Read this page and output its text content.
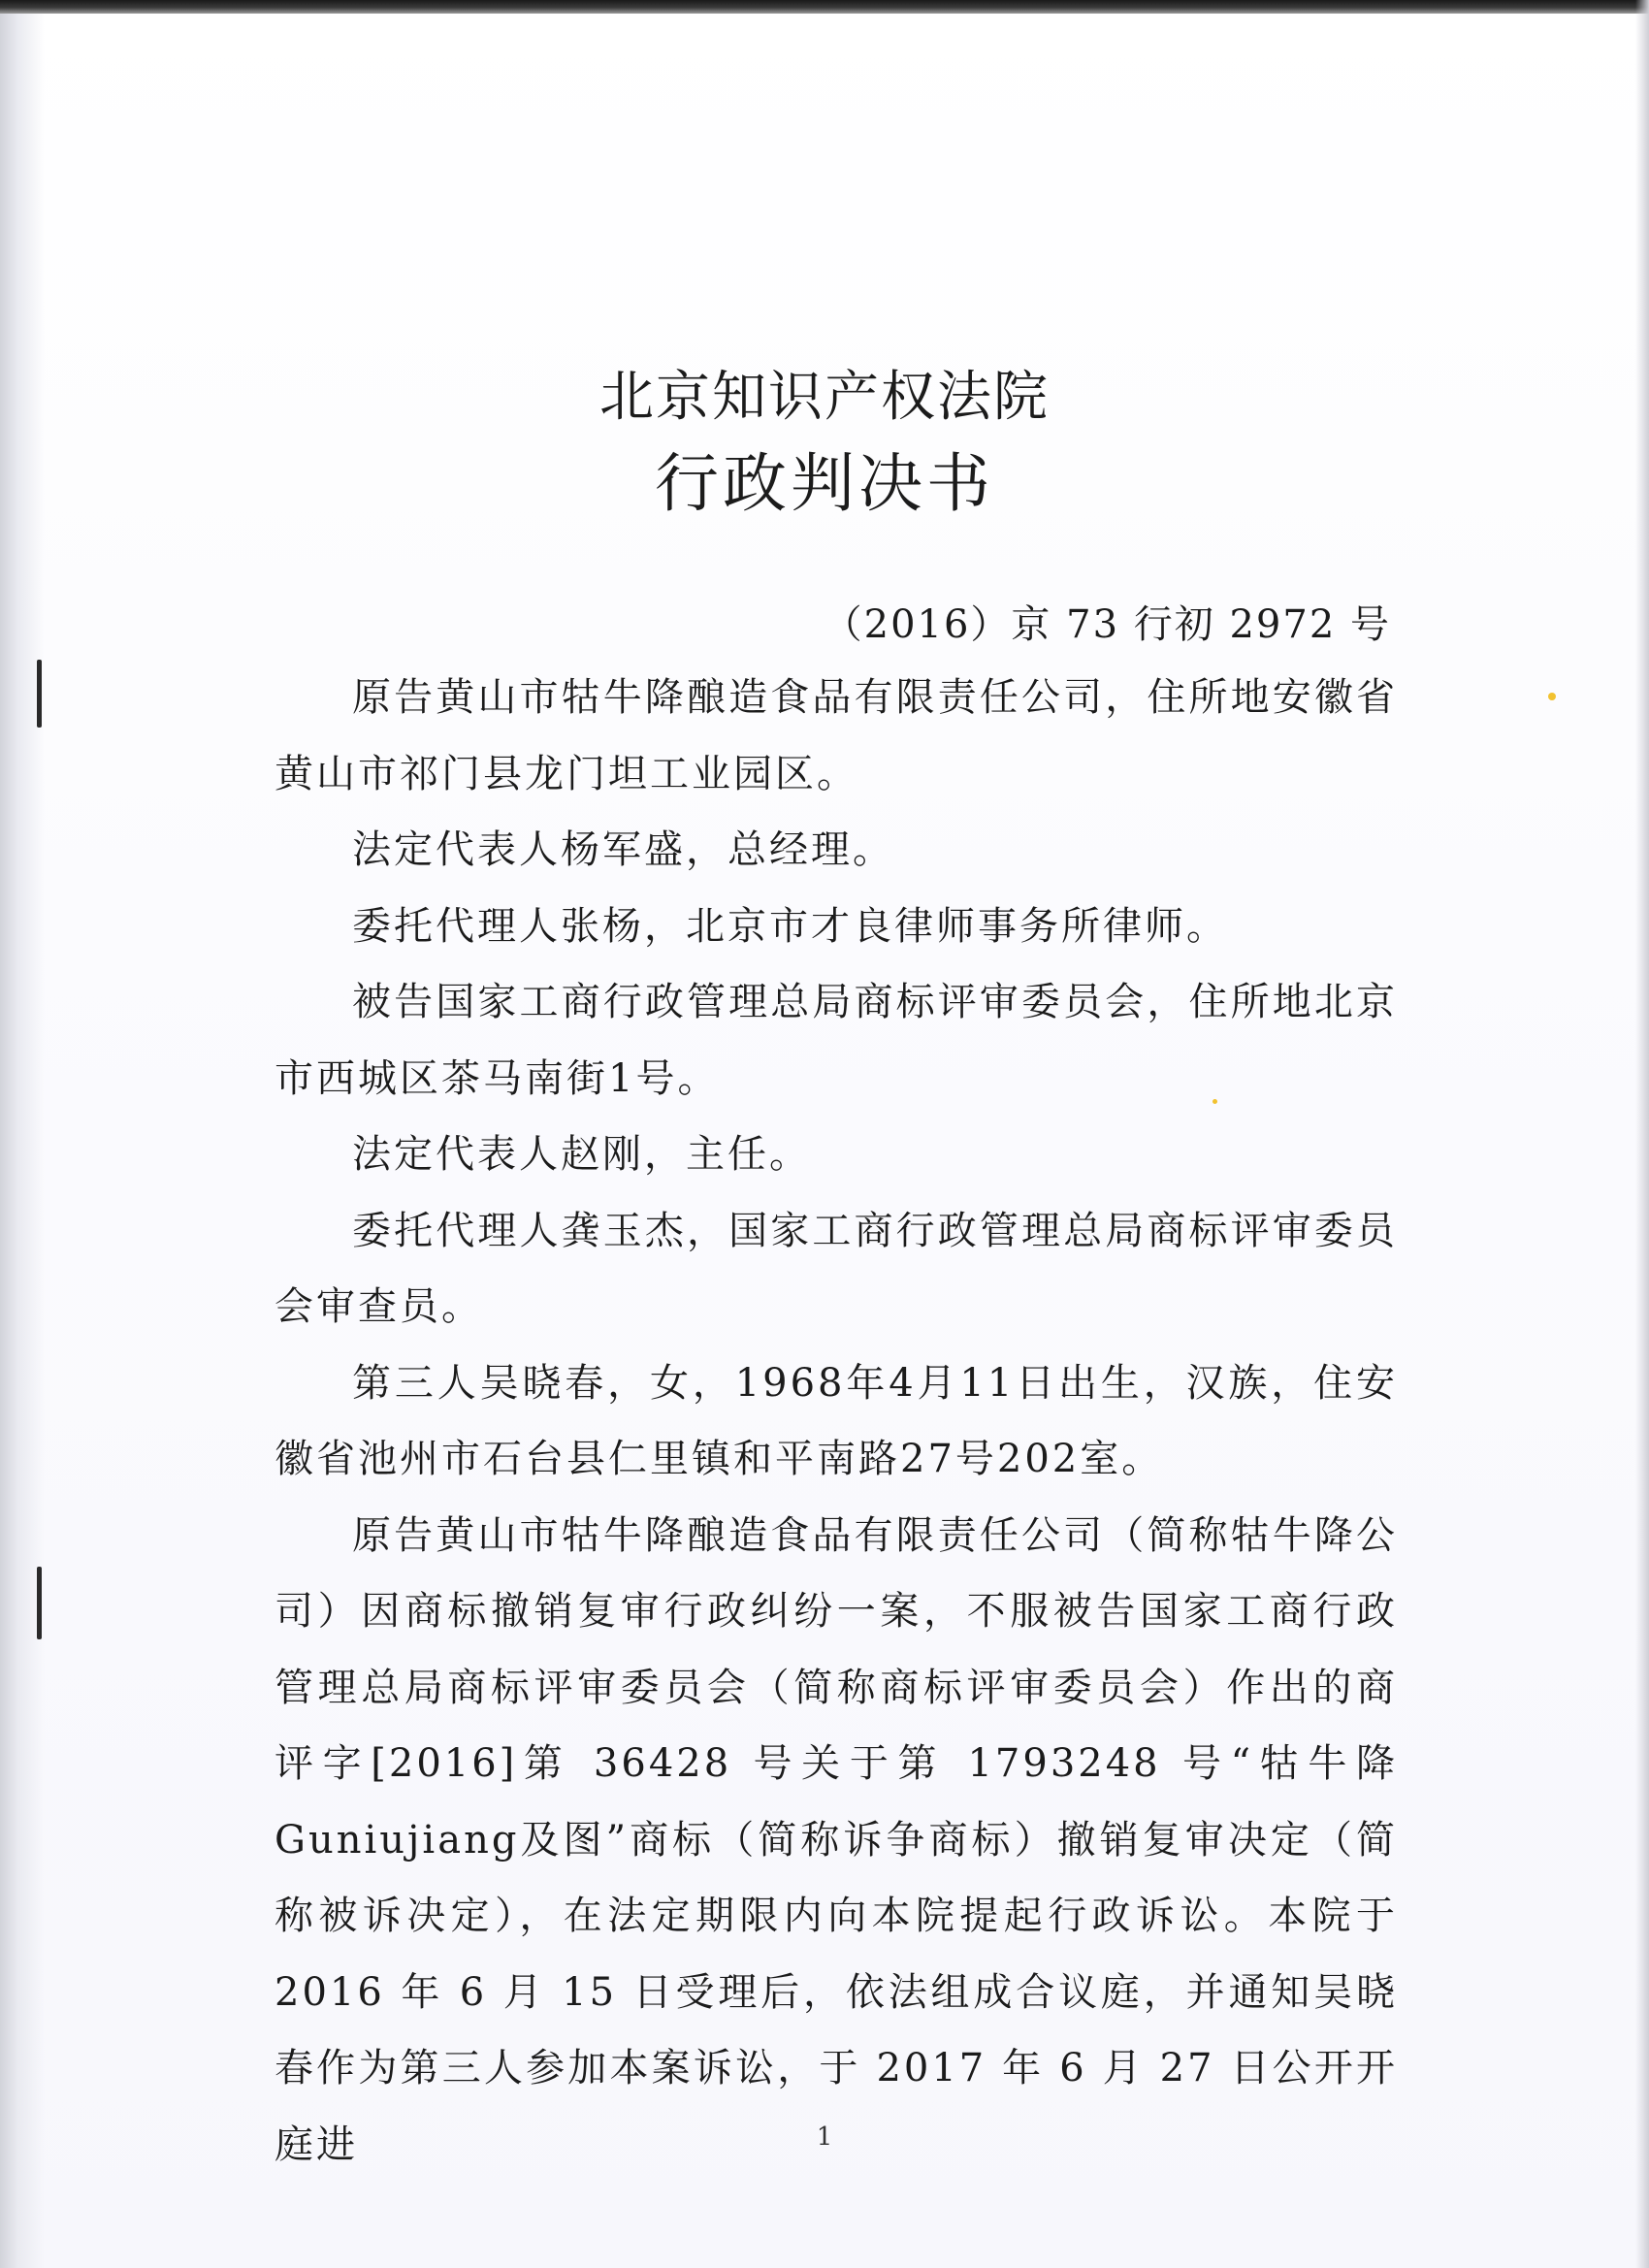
北京知识产权法院
行政判决书
（2016）京 73 行初 2972 号

原告黄山市牯牛降酿造食品有限责任公司，住所地安徽省黄山市祁门县龙门坦工业园区。

法定代表人杨军盛，总经理。

委托代理人张杨，北京市才良律师事务所律师。

被告国家工商行政管理总局商标评审委员会，住所地北京市西城区茶马南街1号。

法定代表人赵刚，主任。

委托代理人龚玉杰，国家工商行政管理总局商标评审委员会审查员。

第三人吴晓春，女，1968年4月11日出生，汉族，住安徽省池州市石台县仁里镇和平南路27号202室。

原告黄山市牯牛降酿造食品有限责任公司（简称牯牛降公司）因商标撤销复审行政纠纷一案，不服被告国家工商行政管理总局商标评审委员会（简称商标评审委员会）作出的商评字[2016]第 36428 号关于第 1793248 号“牯牛降Guniujiang及图”商标（简称诉争商标）撤销复审决定（简称被诉决定），在法定期限内向本院提起行政诉讼。本院于2016 年 6 月 15 日受理后，依法组成合议庭，并通知吴晓春作为第三人参加本案诉讼，于 2017 年 6 月 27 日公开开庭进	1
